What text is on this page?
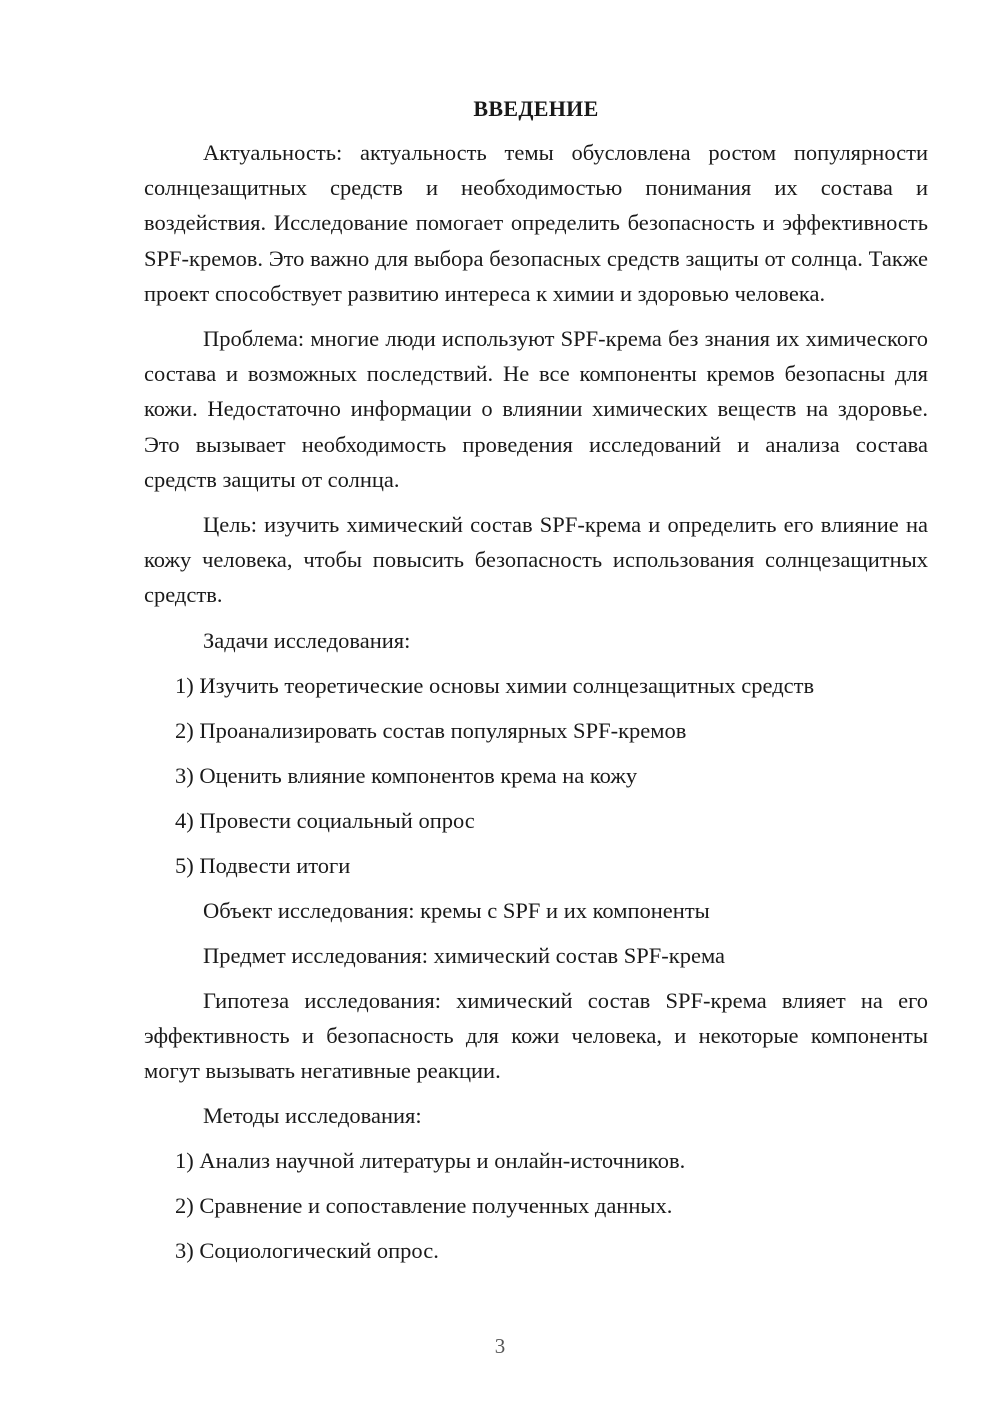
ВВЕДЕНИЕ

Актуальность: актуальность темы обусловлена ростом популярности солнцезащитных средств и необходимостью понимания их состава и воздействия. Исследование помогает определить безопасность и эффективность SPF-кремов. Это важно для выбора безопасных средств защиты от солнца. Также проект способствует развитию интереса к химии и здоровью человека.

Проблема: многие люди используют SPF-крема без знания их химического состава и возможных последствий. Не все компоненты кремов безопасны для кожи. Недостаточно информации о влиянии химических веществ на здоровье. Это вызывает необходимость проведения исследований и анализа состава средств защиты от солнца.

Цель: изучить химический состав SPF-крема и определить его влияние на кожу человека, чтобы повысить безопасность использования солнцезащитных средств.

Задачи исследования:
1) Изучить теоретические основы химии солнцезащитных средств
2) Проанализировать состав популярных SPF-кремов
3) Оценить влияние компонентов крема на кожу
4) Провести социальный опрос
5) Подвести итоги
Объект исследования: кремы с SPF и их компоненты
Предмет исследования: химический состав SPF-крема

Гипотеза исследования: химический состав SPF-крема влияет на его эффективность и безопасность для кожи человека, и некоторые компоненты могут вызывать негативные реакции.

Методы исследования:
1) Анализ научной литературы и онлайн-источников.
2) Сравнение и сопоставление полученных данных.
3) Социологический опрос.
3
